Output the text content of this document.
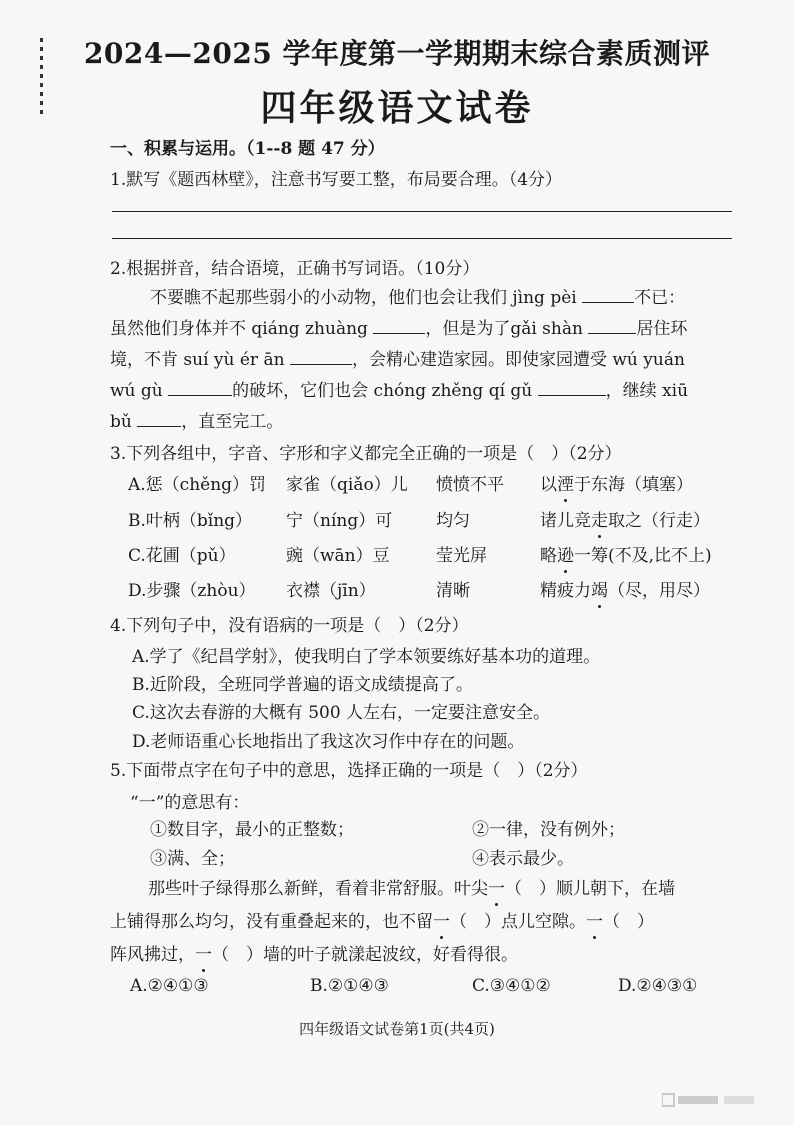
2024—2025 学年度第一学期期末综合素质测评
四年级语文试卷
一、积累与运用。（1--8 题 47 分）
1.默写《题西林壁》，注意书写要工整，布局要合理。（4分）
2.根据拼音，结合语境，正确书写词语。（10分）
不要瞧不起那些弱小的小动物，他们也会让我们 jìng pèi	不已：
虽然他们身体并不 qiáng zhuàng	，但是为了gǎi shàn	居住环
境，不肯 suí yù ér ān	，会精心建造家园。即使家园遭受 wú yuán
wú gù	的破坏，它们也会 chóng zhěng qí gǔ	，继续 xiū
bǔ	，直至完工。
3.下列各组中，字音、字形和字义都完全正确的一项是（　）（2分）
A.惩（chěng）罚 家雀（qiǎo）儿 愤愤不平 以湮于东海（填塞）
B.叶柄（bǐng） 宁（níng）可	均匀	诸儿竞走取之（行走）
C.花圃（pǔ）	豌（wān）豆	莹光屏	略逊一筹(不及,比不上)
D.步骤（zhòu） 衣襟（jīn）	清晰	精疲力竭（尽，用尽）
4.下列句子中，没有语病的一项是（　）（2分）
A.学了《纪昌学射》，使我明白了学本领要练好基本功的道理。
B.近阶段，全班同学普遍的语文成绩提高了。
C.这次去春游的大概有 500 人左右，一定要注意安全。
D.老师语重心长地指出了我这次习作中存在的问题。
5.下面带点字在句子中的意思，选择正确的一项是（　）（2分）
“一”的意思有：
①数目字，最小的正整数；	②一律，没有例外；
③满、全；	④表示最少。
那些叶子绿得那么新鲜，看着非常舒服。叶尖一（　）顺儿朝下，在墙
上铺得那么均匀，没有重叠起来的，也不留一（　）点儿空隙。一（　）
阵风拂过，一（　）墙的叶子就漾起波纹，好看得很。
A.②④①③	B.②①④③	C.③④①②	D.②④③①
四年级语文试卷第1页(共4页)
